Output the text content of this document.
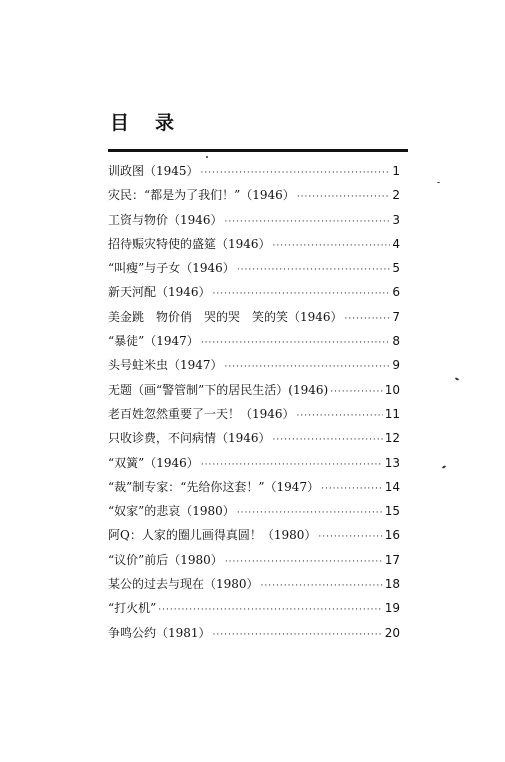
目 录
训政图（1945） ·····	1
灾民：“都是为了我们！”（1946） ·····	2
工资与物价（1946） ·····	3
招待赈灾特使的盛筵（1946） ·····	4
“叫瘦”与子女（1946） ·····	5
新天河配（1946） ·····	6
美金跳　物价俏　哭的哭　笑的笑（1946） ·····	7
“暴徒”（1947） ·····	8
头号蛀米虫（1947） ·····	9
无题（画“警管制”下的居民生活）(1946) ·····	10
老百姓忽然重要了一天！（1946） ·····	11
只收诊费，不问病情（1946） ·····	12
“双簧”（1946） ·····	13
“裁”制专家：“先给你这套！”（1947） ·····	14
“奴家”的悲哀（1980） ·····	15
阿Q：人家的圈儿画得真圆！（1980） ·····	16
“议价”前后（1980） ·····	17
某公的过去与现在（1980） ·····	18
“打火机” ·····	19
争鸣公约（1981） ·····	20
